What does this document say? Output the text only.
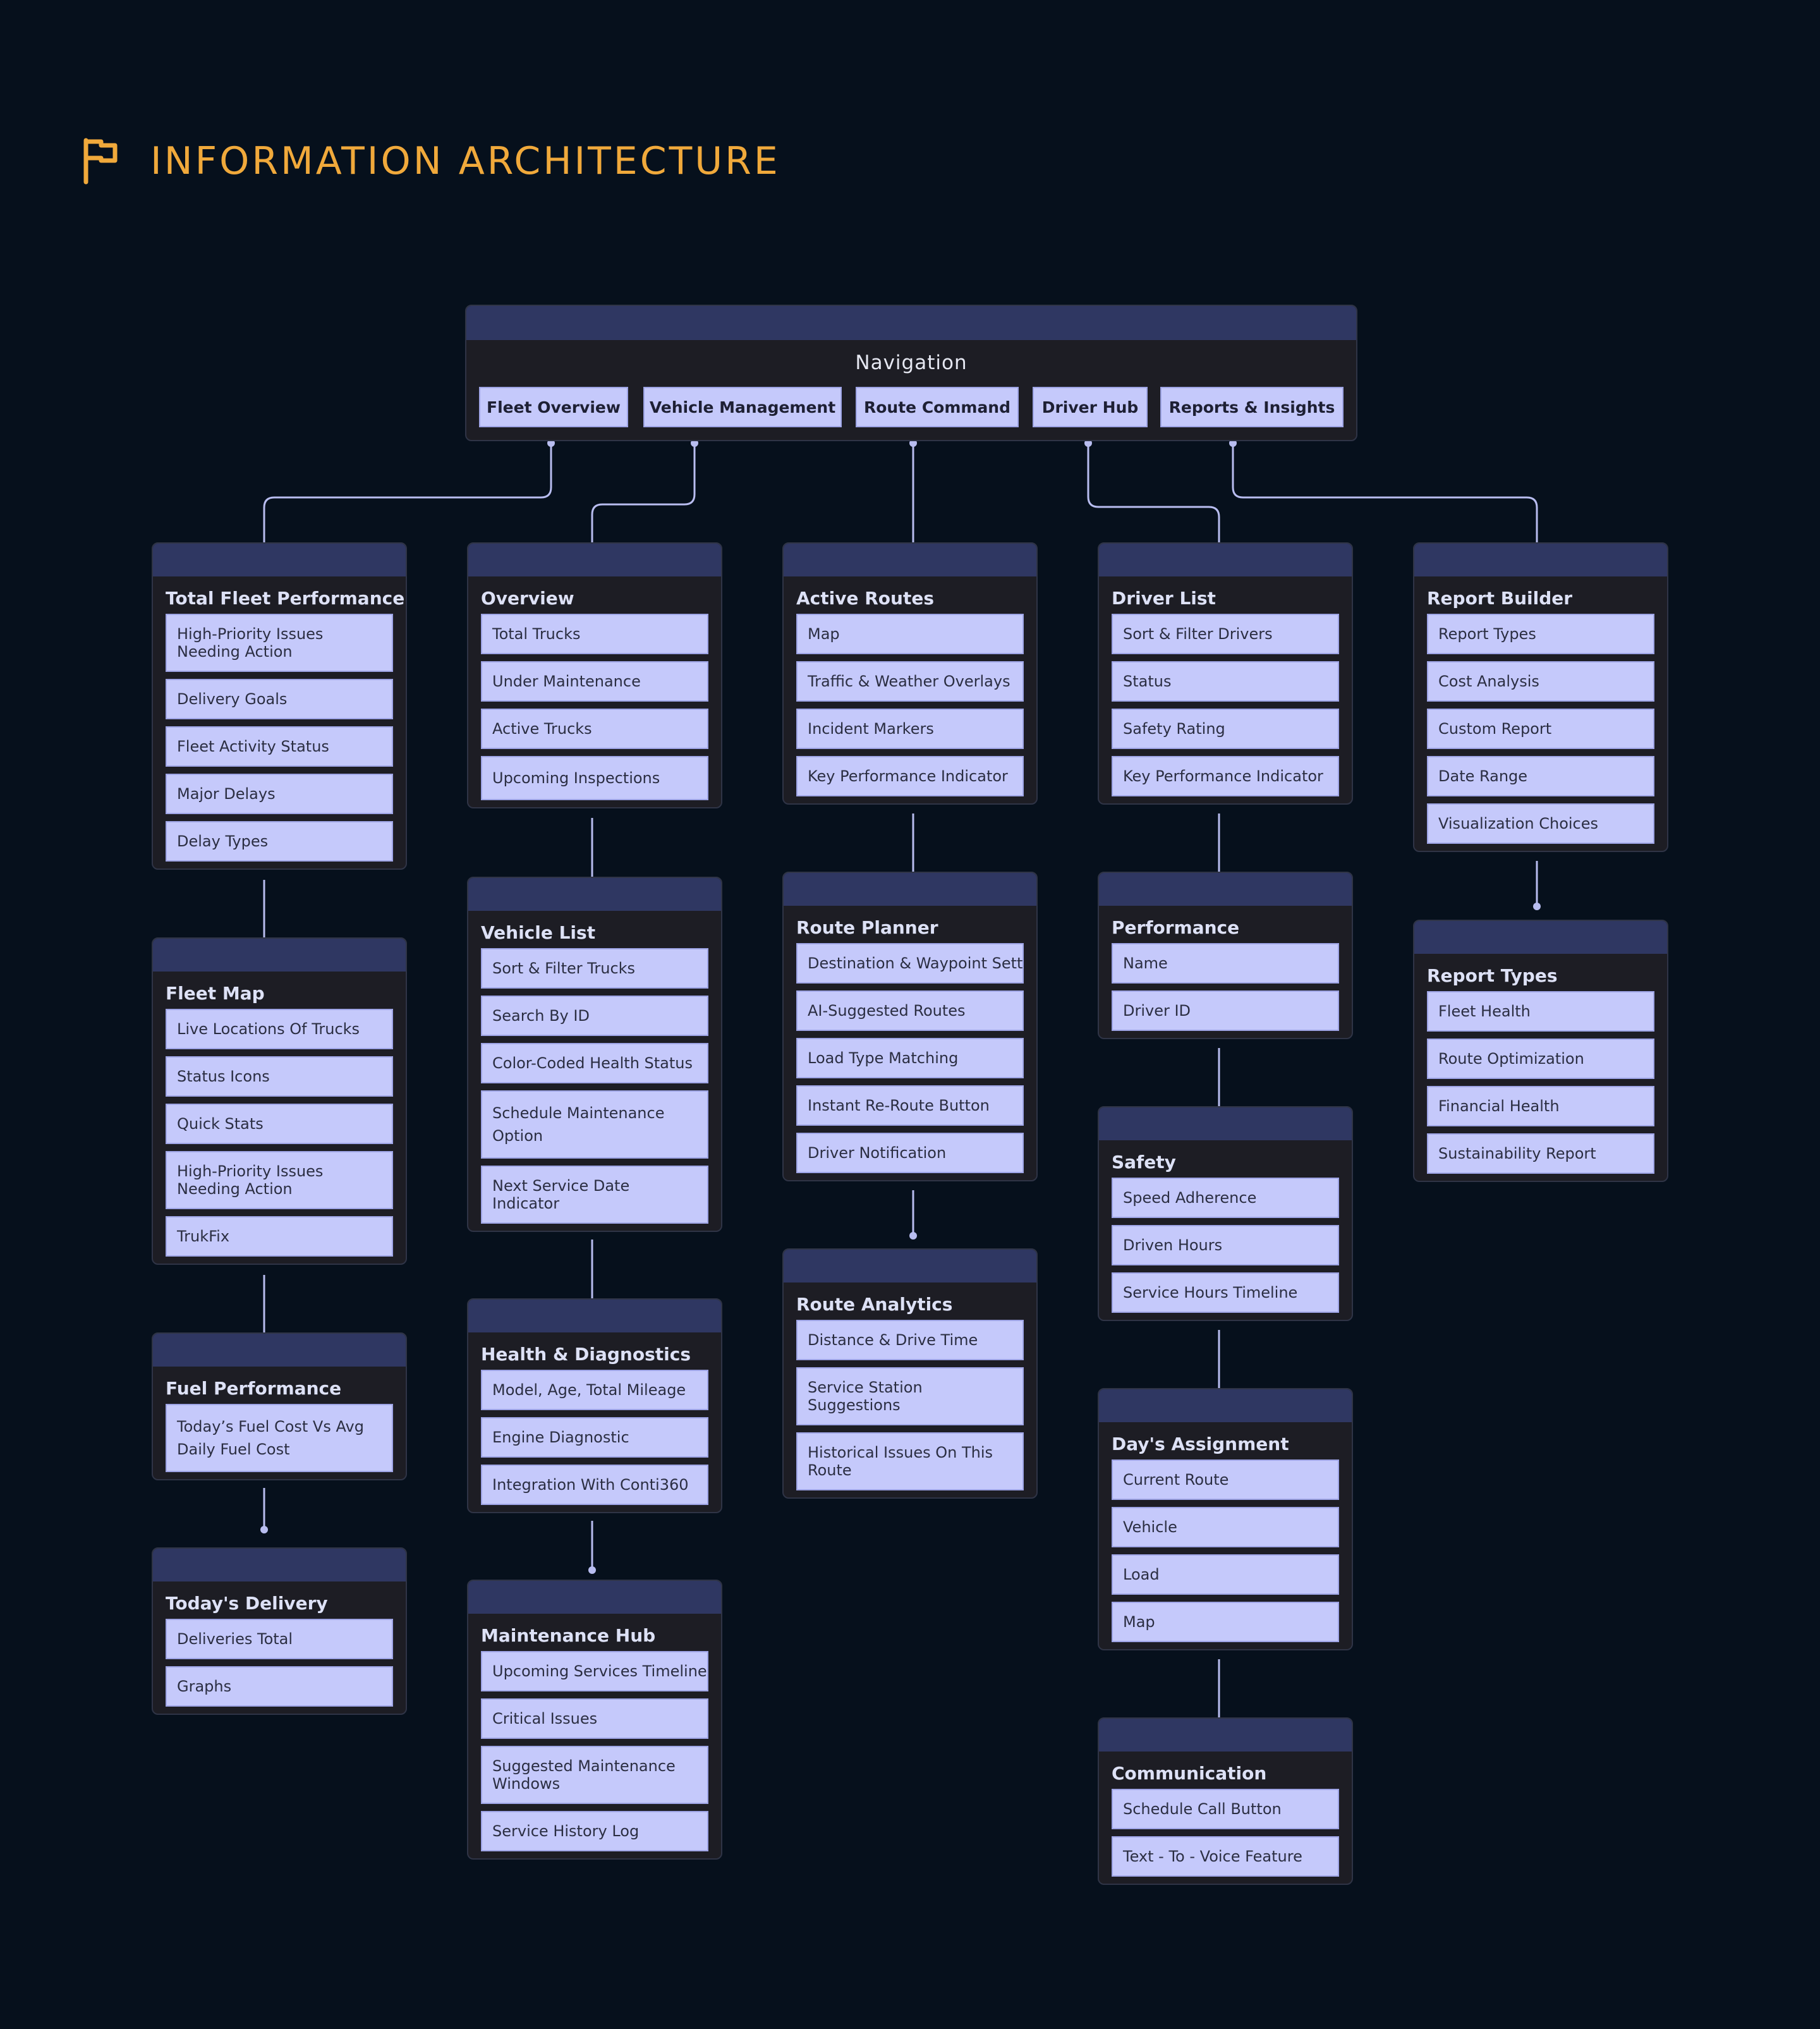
INFORMATION ARCHITECTURE
Navigation
Fleet Overview	Vehicle Management	Route Command	Driver Hub	Reports & Insights
Total Fleet Performance
High-Priority Issues Needing Action
Delivery Goals
Fleet Activity Status
Major Delays
Delay Types
Fleet Map
Live Locations Of Trucks
Status Icons
Quick Stats
High-Priority Issues Needing Action
TrukFix
Fuel Performance
Today’s Fuel Cost Vs Avg Daily Fuel Cost
Today's Delivery
Deliveries Total
Graphs
Overview
Total Trucks
Under Maintenance
Active Trucks
Upcoming Inspections
Vehicle List
Sort & Filter Trucks
Search By ID
Color-Coded Health Status
Schedule Maintenance Option
Next Service Date Indicator
Health & Diagnostics
Model, Age, Total Mileage
Engine Diagnostic
Integration With Conti360
Maintenance Hub
Upcoming Services Timeline
Critical Issues
Suggested Maintenance Windows
Service History Log
Active Routes
Map
Traffic & Weather Overlays
Incident Markers
Key Performance Indicator
Route Planner
Destination & Waypoint Sett
AI-Suggested Routes
Load Type Matching
Instant Re-Route Button
Driver Notification
Route Analytics
Distance & Drive Time
Service Station Suggestions
Historical Issues On This Route
Driver List
Sort & Filter Drivers
Status
Safety Rating
Key Performance Indicator
Performance
Name
Driver ID
Safety
Speed Adherence
Driven Hours
Service Hours Timeline
Day's Assignment
Current Route
Vehicle
Load
Map
Communication
Schedule Call Button
Text - To - Voice Feature
Report Builder
Report Types
Cost Analysis
Custom Report
Date Range
Visualization Choices
Report Types
Fleet Health
Route Optimization
Financial Health
Sustainability Report
